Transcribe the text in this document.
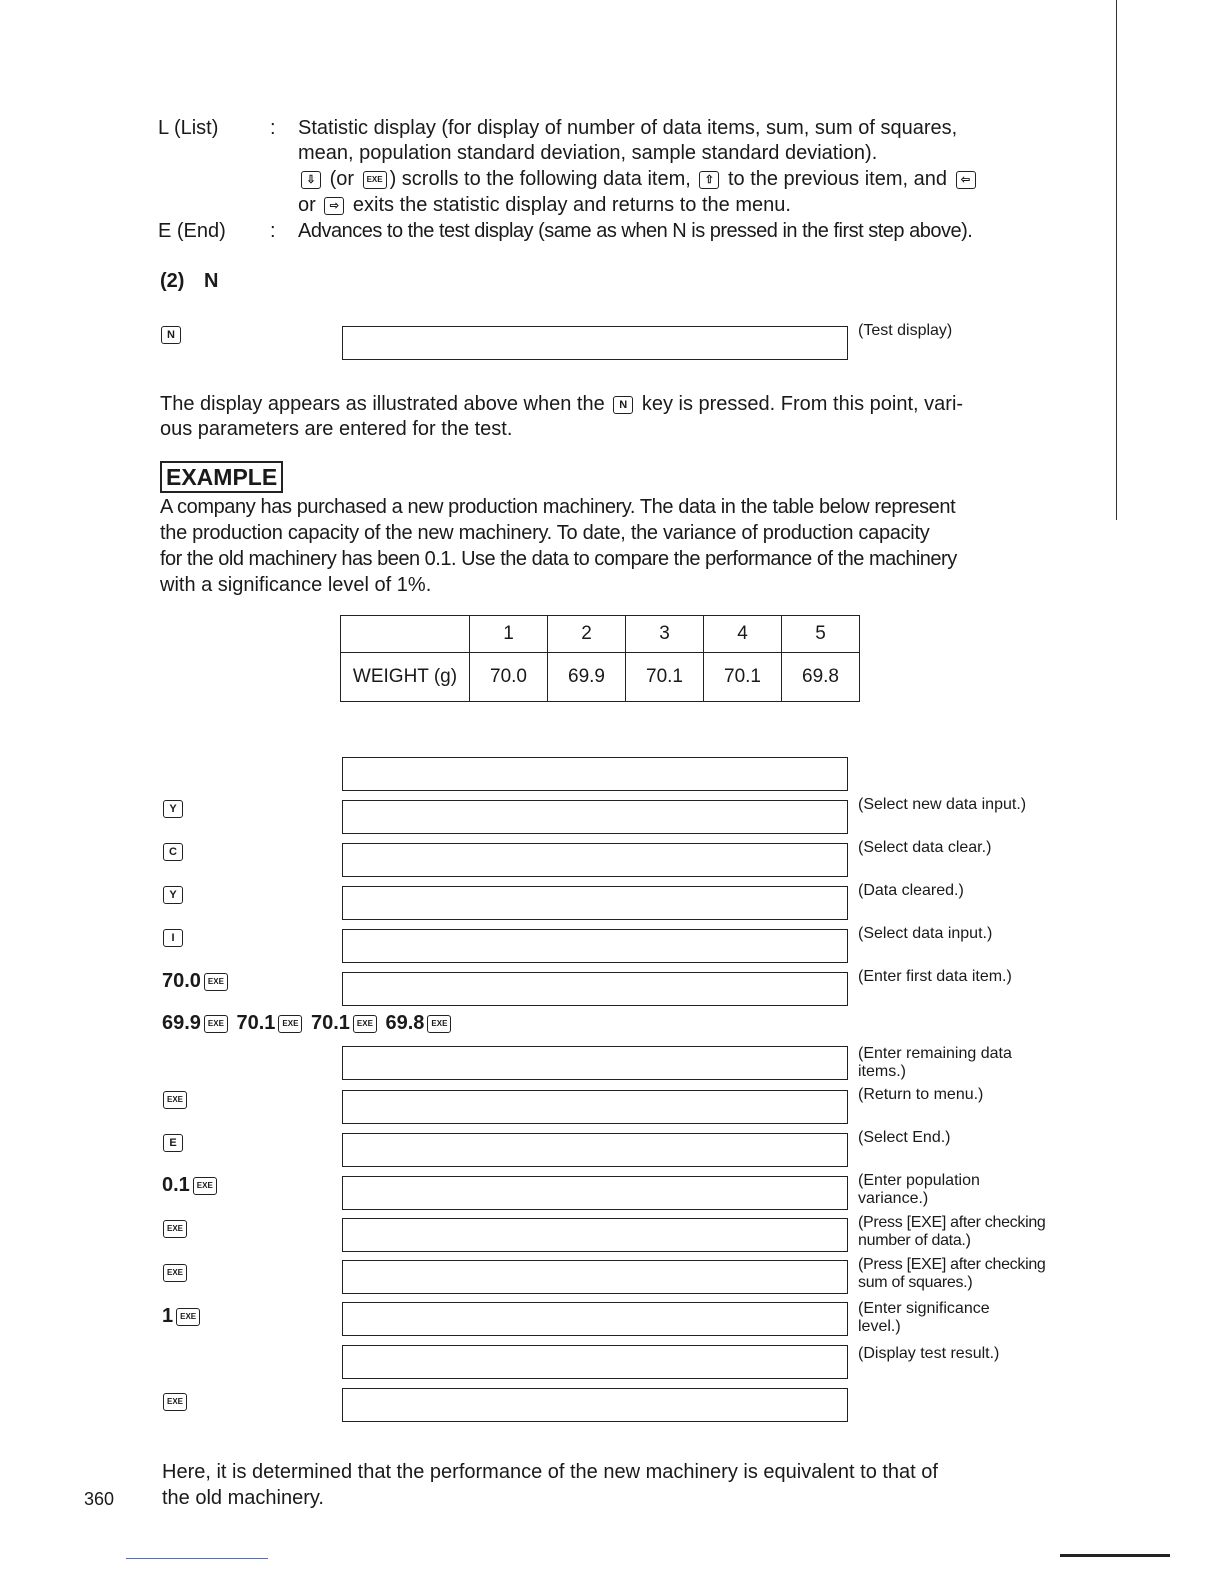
L (List)	: Statistic display (for display of number of data items, sum, sum of squares,
mean, population standard deviation, sample standard deviation).
⇩ (or EXE ) scrolls to the following data item, ⇧ to the previous item, and ⇦
or ⇨ exits the statistic display and returns to the menu.
E (End) : Advances to the test display (same as when N is pressed in the first step above).
(2) N
N

	(Test display)
The display appears as illustrated above when the N key is pressed. From this point, vari-
ous parameters are entered for the test.
EXAMPLE
A company has purchased a new production machinery. The data in the table below represent
the production capacity of the new machinery. To date, the variance of production capacity
for the old machinery has been 0.1. Use the data to compare the performance of the machinery
with a significance level of 1%.
	1	2	3	4	5
WEIGHT (g)	70.0	69.9	70.1	70.1	69.8
Y
C
Y
I
70.0 EXE
69.9 EXE 70.1 EXE 70.1 EXE 69.8 EXE
EXE
E
0.1 EXE
EXE
EXE
1 EXE
EXE

(Select new data input.)

(Select data clear.)

(Data cleared.)

(Select data input.)

(Enter first data item.)

(Enter remaining data items.)

(Return to menu.)

(Select End.)

(Enter population variance.)

(Press [EXE] after checking number of data.)

(Press [EXE] after checking sum of squares.)

(Enter significance level.)

(Display test result.)

Here, it is determined that the performance of the new machinery is equivalent to that of
the old machinery.
360
